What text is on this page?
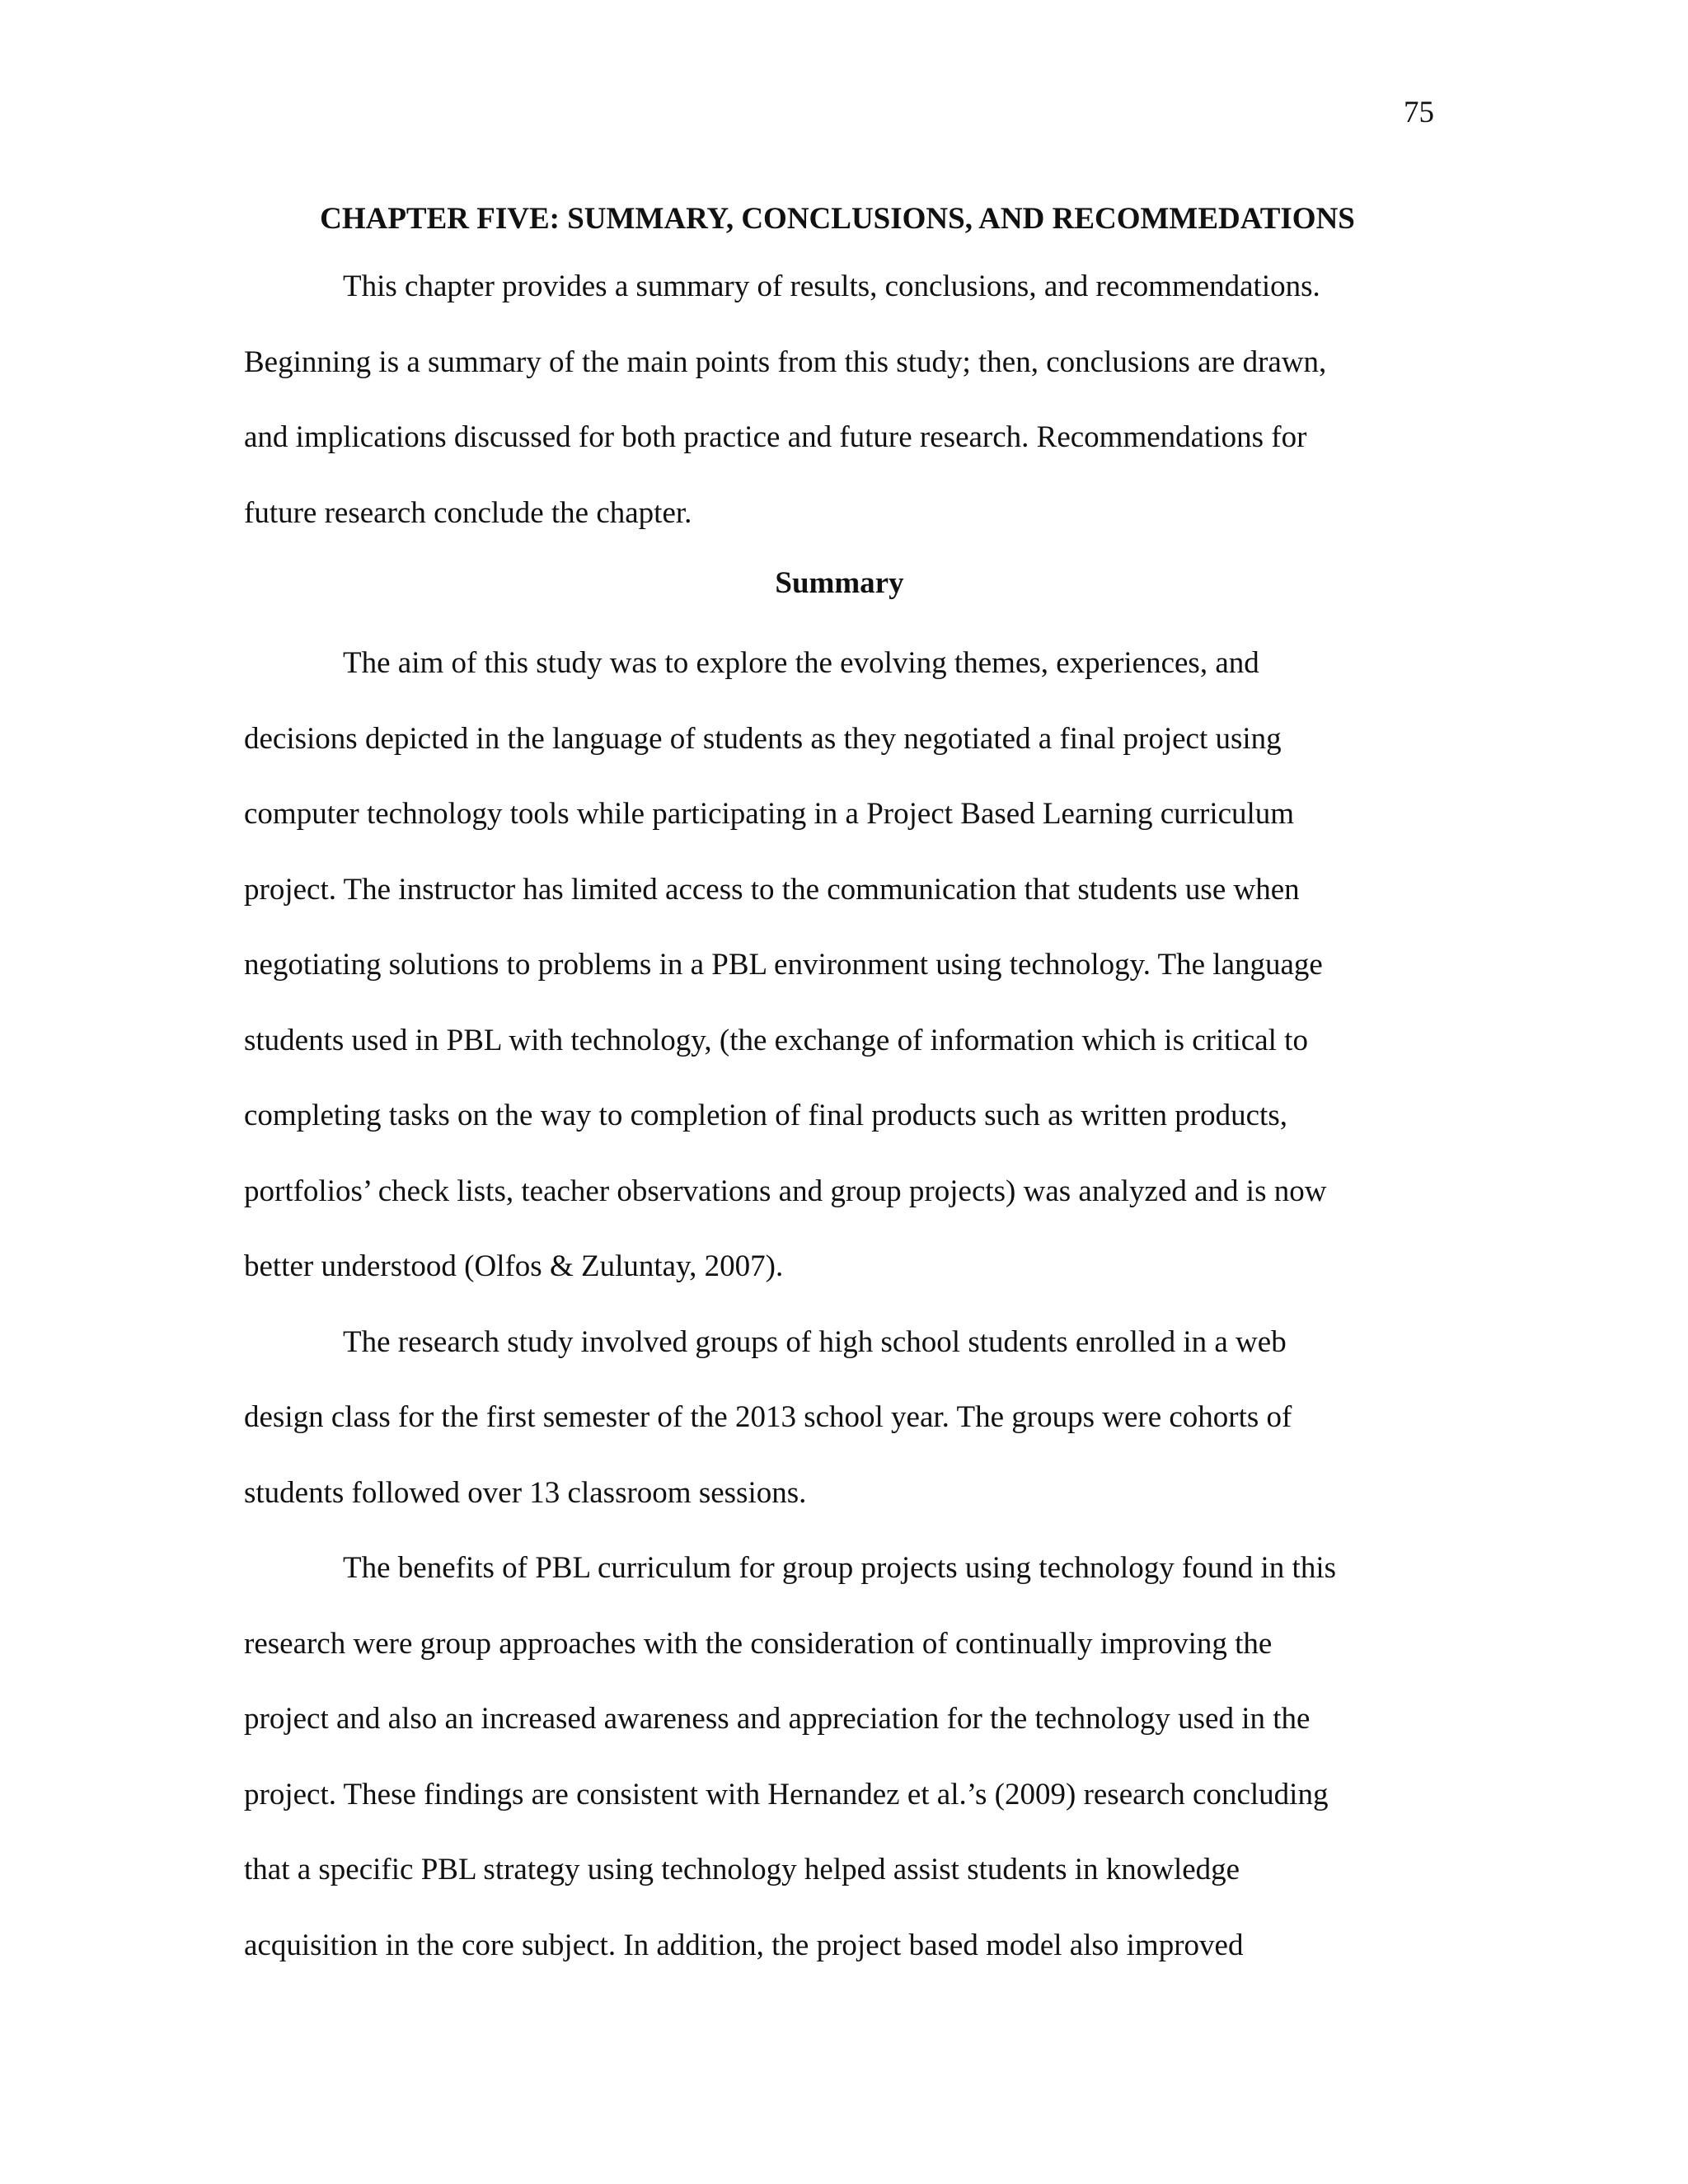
75
CHAPTER FIVE: SUMMARY, CONCLUSIONS, AND RECOMMEDATIONS

This chapter provides a summary of results, conclusions, and recommendations.
Beginning is a summary of the main points from this study; then, conclusions are drawn,
and implications discussed for both practice and future research. Recommendations for
future research conclude the chapter.

Summary

The aim of this study was to explore the evolving themes, experiences, and
decisions depicted in the language of students as they negotiated a final project using
computer technology tools while participating in a Project Based Learning curriculum
project. The instructor has limited access to the communication that students use when
negotiating solutions to problems in a PBL environment using technology. The language
students used in PBL with technology, (the exchange of information which is critical to
completing tasks on the way to completion of final products such as written products,
portfolios’ check lists, teacher observations and group projects) was analyzed and is now
better understood (Olfos & Zuluntay, 2007).

The research study involved groups of high school students enrolled in a web
design class for the first semester of the 2013 school year. The groups were cohorts of
students followed over 13 classroom sessions.

The benefits of PBL curriculum for group projects using technology found in this
research were group approaches with the consideration of continually improving the
project and also an increased awareness and appreciation for the technology used in the
project. These findings are consistent with Hernandez et al.’s (2009) research concluding
that a specific PBL strategy using technology helped assist students in knowledge
acquisition in the core subject. In addition, the project based model also improved
